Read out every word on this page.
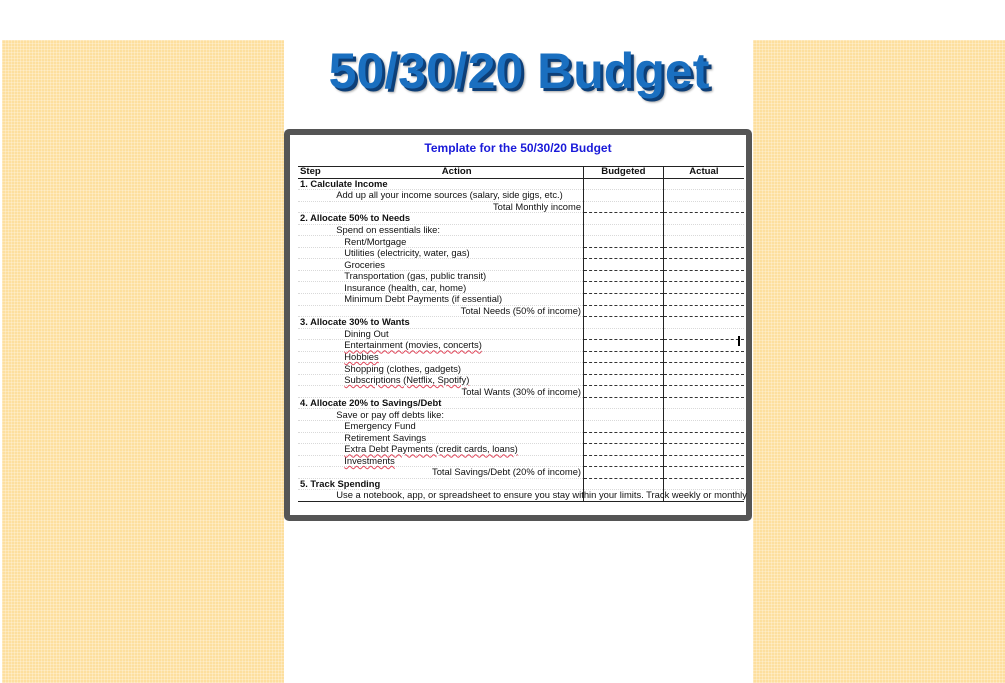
50/30/20 Budget
Template for the 50/30/20 Budget
Step	Action	Budgeted	Actual
1. Calculate Income			
	Add up all your income sources (salary, side gigs, etc.)		
	Total Monthly income		
2. Allocate 50% to Needs			
	Spend on essentials like:		
	Rent/Mortgage		
	Utilities (electricity, water, gas)		
	Groceries		
	Transportation (gas, public transit)		
	Insurance (health, car, home)		
	Minimum Debt Payments (if essential)		
	Total Needs (50% of income)		
3. Allocate 30% to Wants			
	Dining Out		
	Entertainment (movies, concerts)		
	Hobbies		
	Shopping (clothes, gadgets)		
	Subscriptions (Netflix, Spotify)		
	Total Wants (30% of income)		
4. Allocate 20% to Savings/Debt			
	Save or pay off debts like:		
	Emergency Fund		
	Retirement Savings		
	Extra Debt Payments (credit cards, loans)		
	Investments		
	Total Savings/Debt (20% of income)		
5. Track Spending			
	Use a notebook, app, or spreadsheet to ensure you stay within your limits. Track weekly or monthly		
